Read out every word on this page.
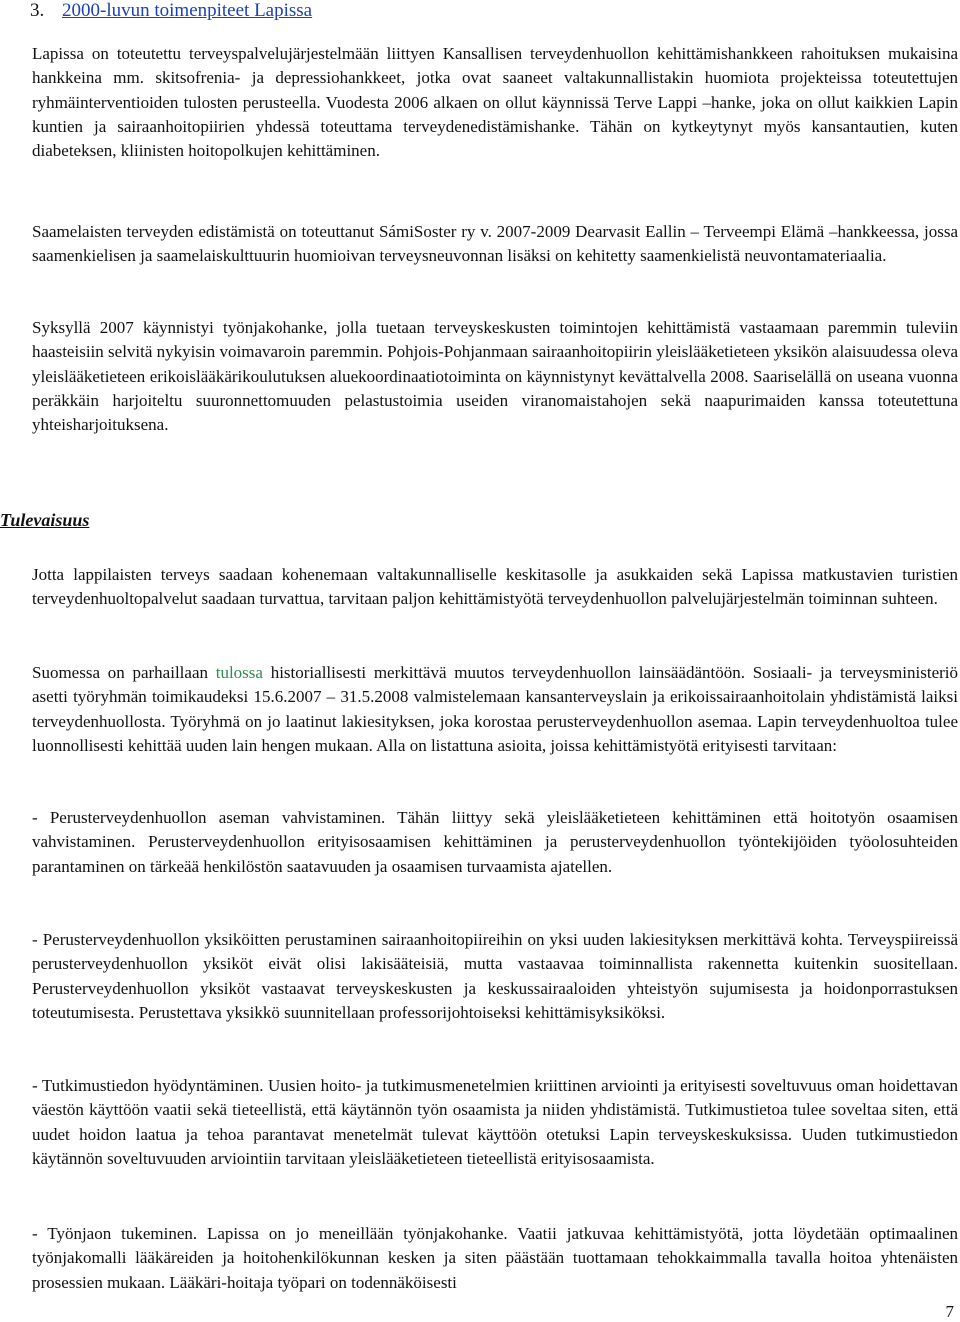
3. 2000-luvun toimenpiteet Lapissa

Lapissa on toteutettu terveyspalvelujärjestelmään liittyen Kansallisen terveydenhuollon kehittämishankkeen rahoituksen mukaisina hankkeina mm. skitsofrenia- ja depressiohankkeet, jotka ovat saaneet valtakunnallistakin huomiota projekteissa toteutettujen ryhmäinterventioiden tulosten perusteella. Vuodesta 2006 alkaen on ollut käynnissä Terve Lappi –hanke, joka on ollut kaikkien Lapin kuntien ja sairaanhoitopiirien yhdessä toteuttama terveydenedistämishanke. Tähän on kytkeytynyt myös kansantautien, kuten diabeteksen, kliinisten hoitopolkujen kehittäminen.

Saamelaisten terveyden edistämistä on toteuttanut SámiSoster ry v. 2007-2009 Dearvasit Eallin – Terveempi Elämä –hankkeessa, jossa saamenkielisen ja saamelaiskulttuurin huomioivan terveysneuvonnan lisäksi on kehitetty saamenkielistä neuvontamateriaalia.

Syksyllä 2007 käynnistyi työnjakohanke, jolla tuetaan terveyskeskusten toimintojen kehittämistä vastaamaan paremmin tuleviin haasteisiin selvitä nykyisin voimavaroin paremmin. Pohjois-Pohjanmaan sairaanhoitopiirin yleislääketieteen yksikön alaisuudessa oleva yleislääketieteen erikoislääkärikoulutuksen aluekoordinaatiotoiminta on käynnistynyt kevättalvella 2008. Saariselällä on useana vuonna peräkkäin harjoiteltu suuronnettomuuden pelastustoimia useiden viranomaistahojen sekä naapurimaiden kanssa toteutettuna yhteisharjoituksena.

Tulevaisuus

Jotta lappilaisten terveys saadaan kohenemaan valtakunnalliselle keskitasolle ja asukkaiden sekä Lapissa matkustavien turistien terveydenhuoltopalvelut saadaan turvattua, tarvitaan paljon kehittämistyötä terveydenhuollon palvelujärjestelmän toiminnan suhteen.

Suomessa on parhaillaan tulossa historiallisesti merkittävä muutos terveydenhuollon lainsäädäntöön. Sosiaali- ja terveysministeriö asetti työryhmän toimikaudeksi 15.6.2007 – 31.5.2008 valmistelemaan kansanterveyslain ja erikoissairaanhoitolain yhdistämistä laiksi terveydenhuollosta. Työryhmä on jo laatinut lakiesityksen, joka korostaa perusterveydenhuollon asemaa. Lapin terveydenhuoltoa tulee luonnollisesti kehittää uuden lain hengen mukaan. Alla on listattuna asioita, joissa kehittämistyötä erityisesti tarvitaan:

- Perusterveydenhuollon aseman vahvistaminen. Tähän liittyy sekä yleislääketieteen kehittäminen että hoitotyön osaamisen vahvistaminen. Perusterveydenhuollon erityisosaamisen kehittäminen ja perusterveydenhuollon työntekijöiden työolosuhteiden parantaminen on tärkeää henkilöstön saatavuuden ja osaamisen turvaamista ajatellen.

- Perusterveydenhuollon yksiköitten perustaminen sairaanhoitopiireihin on yksi uuden lakiesityksen merkittävä kohta. Terveyspiireissä perusterveydenhuollon yksiköt eivät olisi lakisääteisiä, mutta vastaavaa toiminnallista rakennetta kuitenkin suositellaan. Perusterveydenhuollon yksiköt vastaavat terveyskeskusten ja keskussairaaloiden yhteistyön sujumisesta ja hoidonporrastuksen toteutumisesta. Perustettava yksikkö suunnitellaan professorijohtoiseksi kehittämisyksiköksi.

- Tutkimustiedon hyödyntäminen. Uusien hoito- ja tutkimusmenetelmien kriittinen arviointi ja erityisesti soveltuvuus oman hoidettavan väestön käyttöön vaatii sekä tieteellistä, että käytännön työn osaamista ja niiden yhdistämistä. Tutkimustietoa tulee soveltaa siten, että uudet hoidon laatua ja tehoa parantavat menetelmät tulevat käyttöön otetuksi Lapin terveyskeskuksissa. Uuden tutkimustiedon käytännön soveltuvuuden arviointiin tarvitaan yleislääketieteen tieteellistä erityisosaamista.

- Työnjaon tukeminen. Lapissa on jo meneillään työnjakohanke. Vaatii jatkuvaa kehittämistyötä, jotta löydetään optimaalinen työnjakomalli lääkäreiden ja hoitohenkilökunnan kesken ja siten päästään tuottamaan tehokkaimmalla tavalla hoitoa yhtenäisten prosessien mukaan. Lääkäri-hoitaja työpari on todennäköisesti

7
